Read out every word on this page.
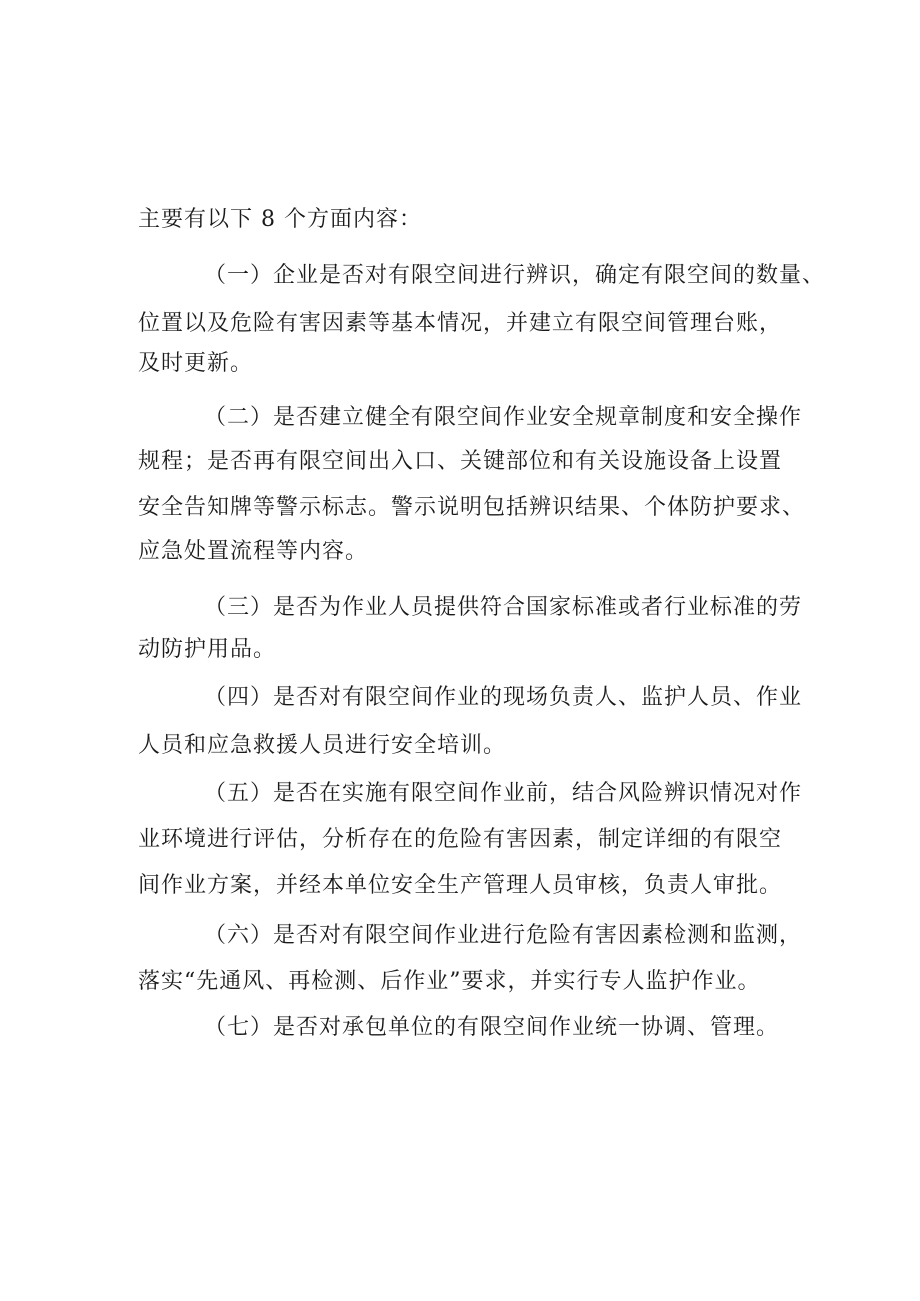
主要有以下 8 个方面内容：
（一）企业是否对有限空间进行辨识，确定有限空间的数量、
位置以及危险有害因素等基本情况，并建立有限空间管理台账，
及时更新。
（二）是否建立健全有限空间作业安全规章制度和安全操作
规程；是否再有限空间出入口、关键部位和有关设施设备上设置
安全告知牌等警示标志。警示说明包括辨识结果、个体防护要求、
应急处置流程等内容。
（三）是否为作业人员提供符合国家标准或者行业标准的劳
动防护用品。
（四）是否对有限空间作业的现场负责人、监护人员、作业
人员和应急救援人员进行安全培训。
（五）是否在实施有限空间作业前，结合风险辨识情况对作
业环境进行评估，分析存在的危险有害因素，制定详细的有限空
间作业方案，并经本单位安全生产管理人员审核，负责人审批。
（六）是否对有限空间作业进行危险有害因素检测和监测，
落实“先通风、再检测、后作业”要求，并实行专人监护作业。
（七）是否对承包单位的有限空间作业统一协调、管理。
